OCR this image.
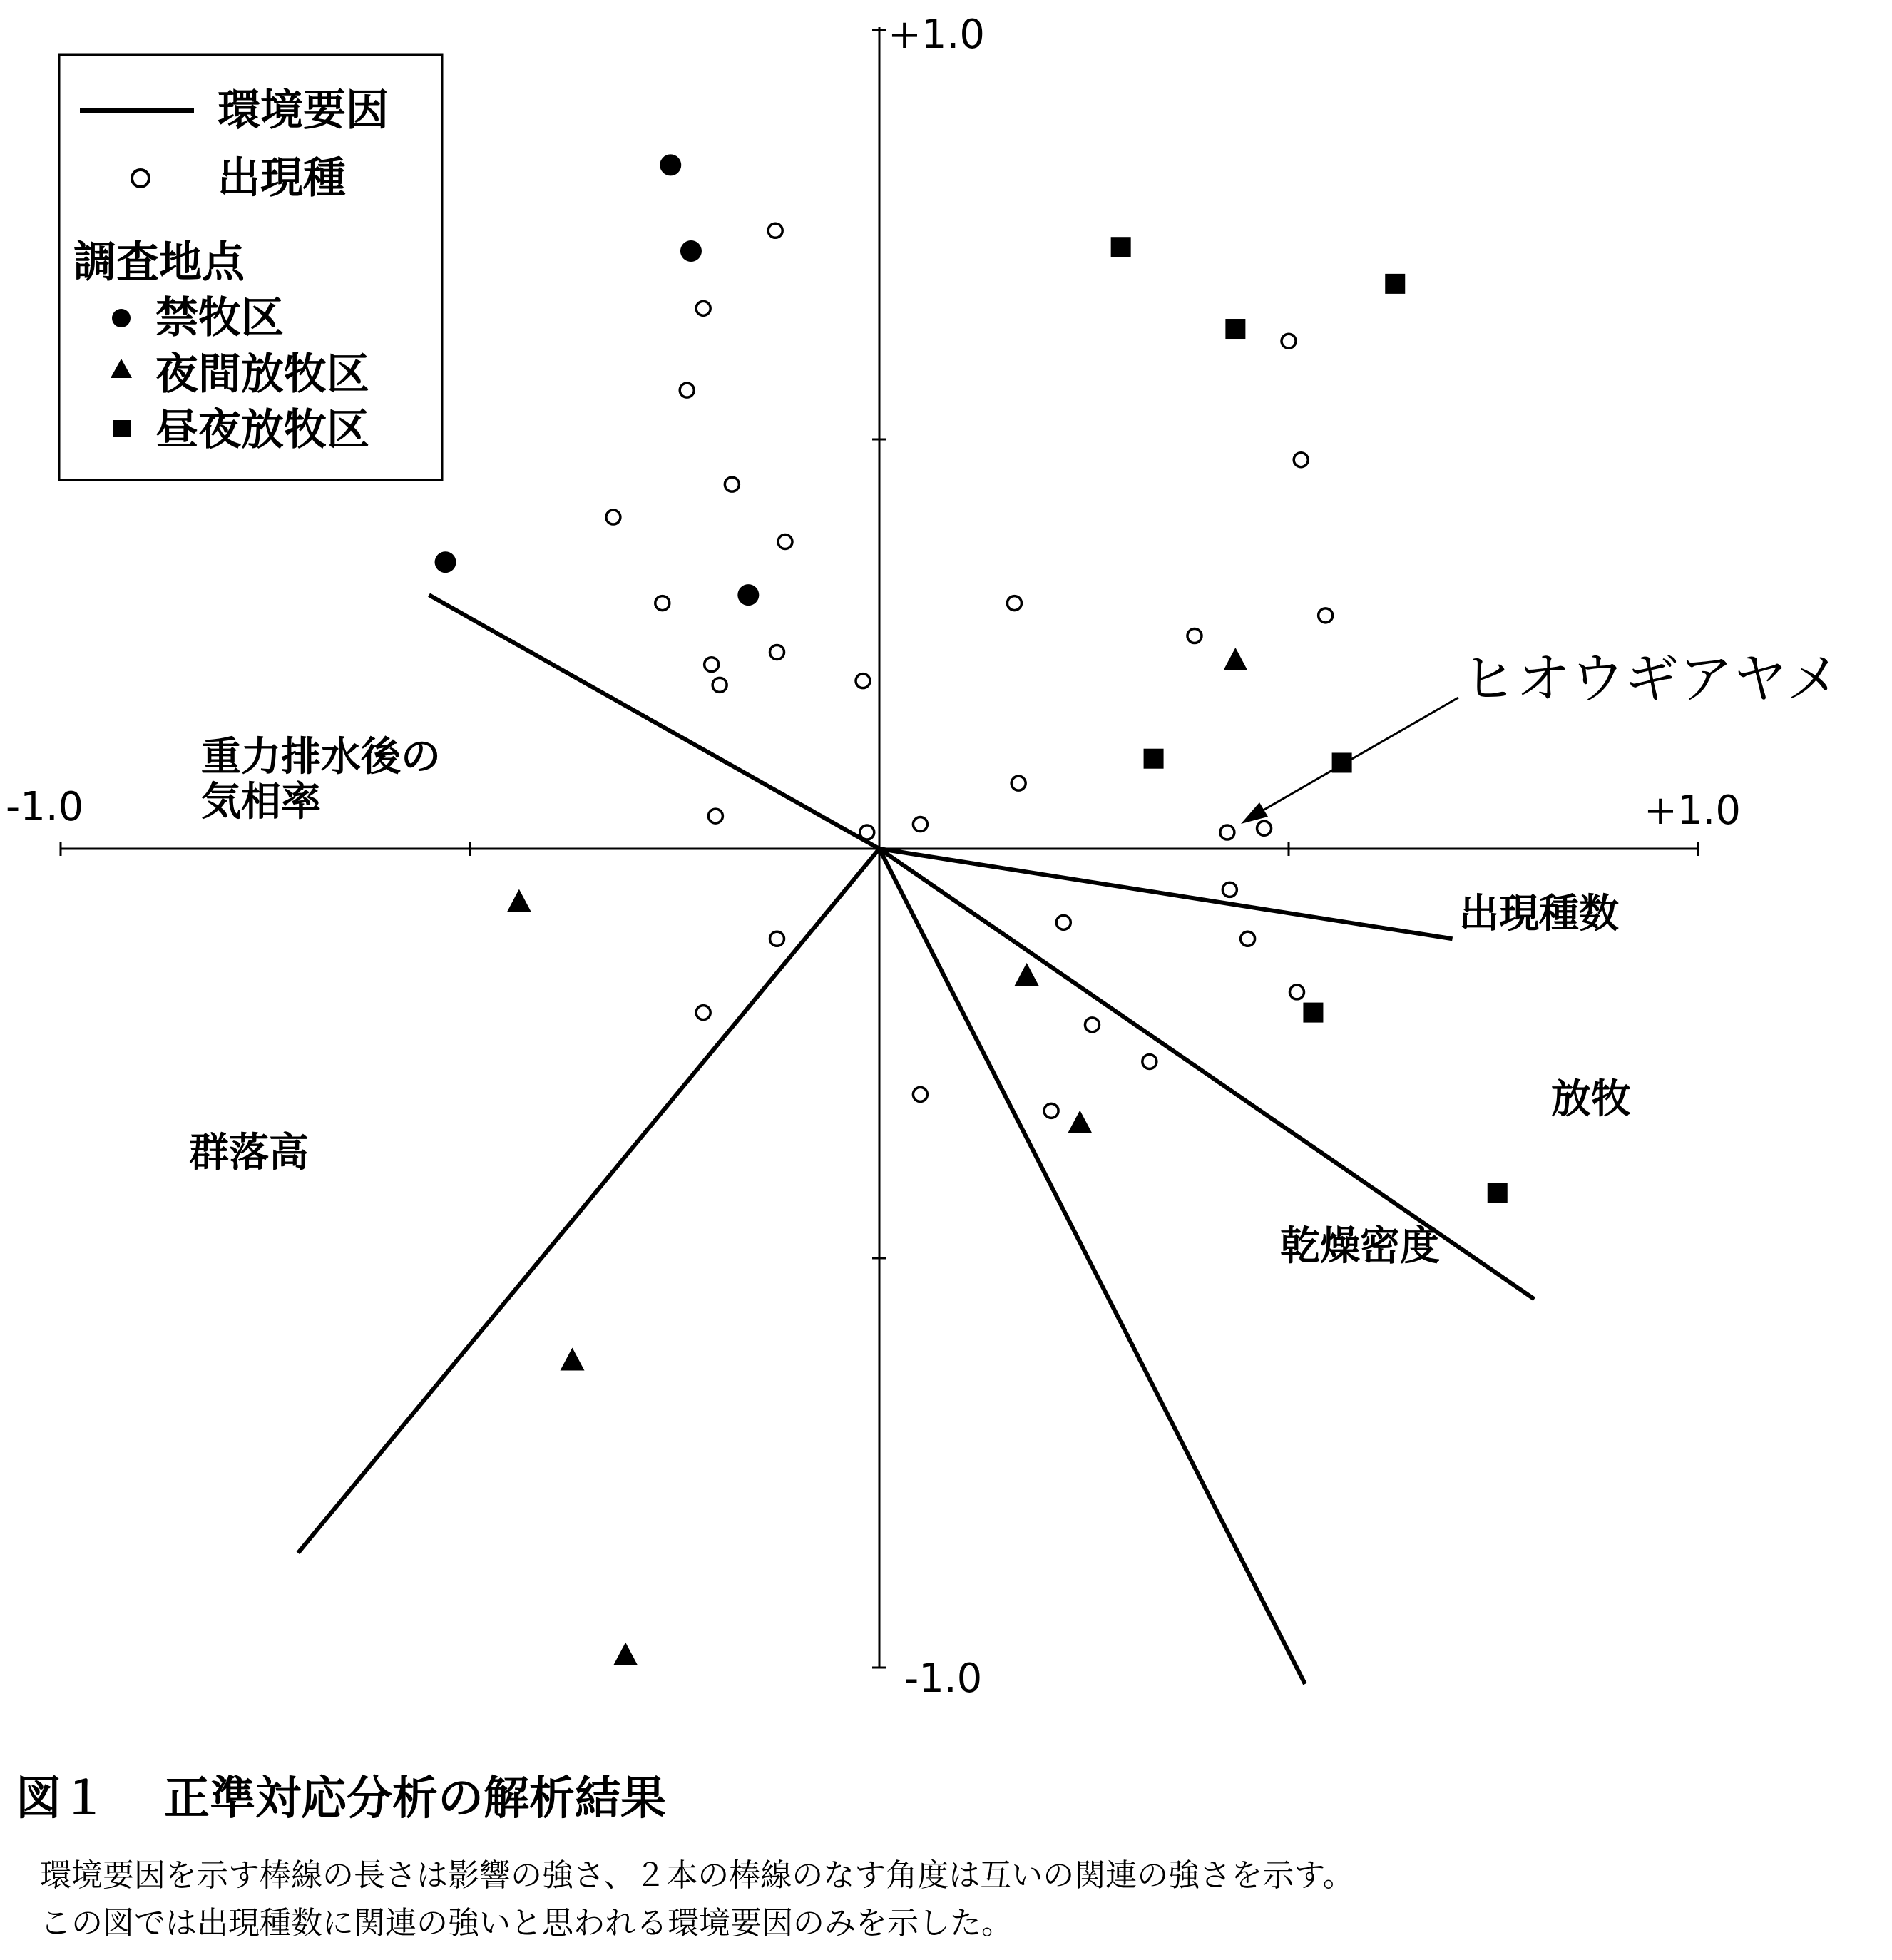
-1.0	+1.0
+1.0
-1.0
重力排水後の
気相率
出現種数
放牧
乾燥密度
群落高
ヒオウギアヤメ
環境要因
出現種
調査地点
禁牧区
夜間放牧区
昼夜放牧区
図１ 正準対応分析の解析結果
環境要因を示す棒線の長さは影響の強さ、２本の棒線のなす角度は互いの関連の強さを示す。
この図では出現種数に関連の強いと思われる環境要因のみを示した。
